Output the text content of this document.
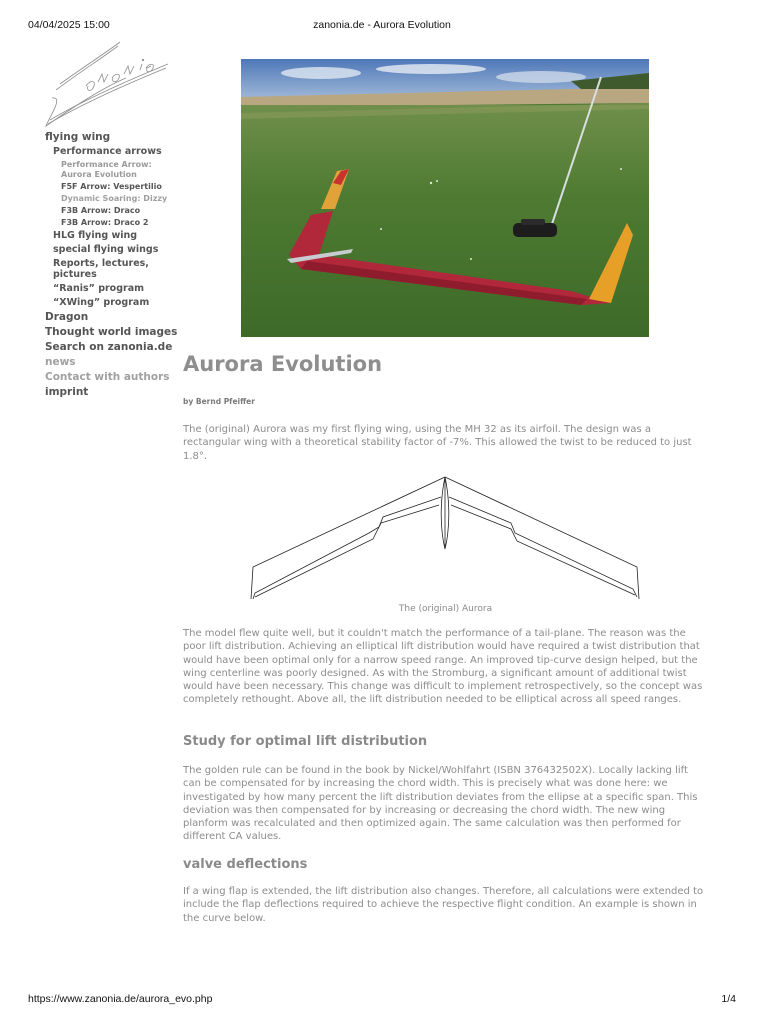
04/04/2025 15:00	zanonia.de - Aurora Evolution
flying wing
Performance arrows
Performance Arrow: Aurora Evolution
F5F Arrow: Vespertilio
Dynamic Soaring: Dizzy
F3B Arrow: Draco
F3B Arrow: Draco 2
HLG flying wing
special flying wings
Reports, lectures, pictures
“Ranis” program
“XWing” program
Dragon
Thought world images
Search on zanonia.de
news
Contact with authors
imprint
Aurora Evolution
by Bernd Pfeiffer

The (original) Aurora was my first flying wing, using the MH 32 as its airfoil. The design was a rectangular wing with a theoretical stability factor of -7%. This allowed the twist to be reduced to just 1.8°.

The (original) Aurora

The model flew quite well, but it couldn't match the performance of a tail-plane. The reason was the poor lift distribution. Achieving an elliptical lift distribution would have required a twist distribution that would have been optimal only for a narrow speed range. An improved tip-curve design helped, but the wing centerline was poorly designed. As with the Stromburg, a significant amount of additional twist would have been necessary. This change was difficult to implement retrospectively, so the concept was completely rethought. Above all, the lift distribution needed to be elliptical across all speed ranges.

Study for optimal lift distribution

The golden rule can be found in the book by Nickel/Wohlfahrt (ISBN 376432502X). Locally lacking lift can be compensated for by increasing the chord width. This is precisely what was done here: we investigated by how many percent the lift distribution deviates from the ellipse at a specific span. This deviation was then compensated for by increasing or decreasing the chord width. The new wing planform was recalculated and then optimized again. The same calculation was then performed for different CA values.

valve deflections

If a wing flap is extended, the lift distribution also changes. Therefore, all calculations were extended to include the flap deflections required to achieve the respective flight condition. An example is shown in the curve below.

https://www.zanonia.de/aurora_evo.php	1/4
